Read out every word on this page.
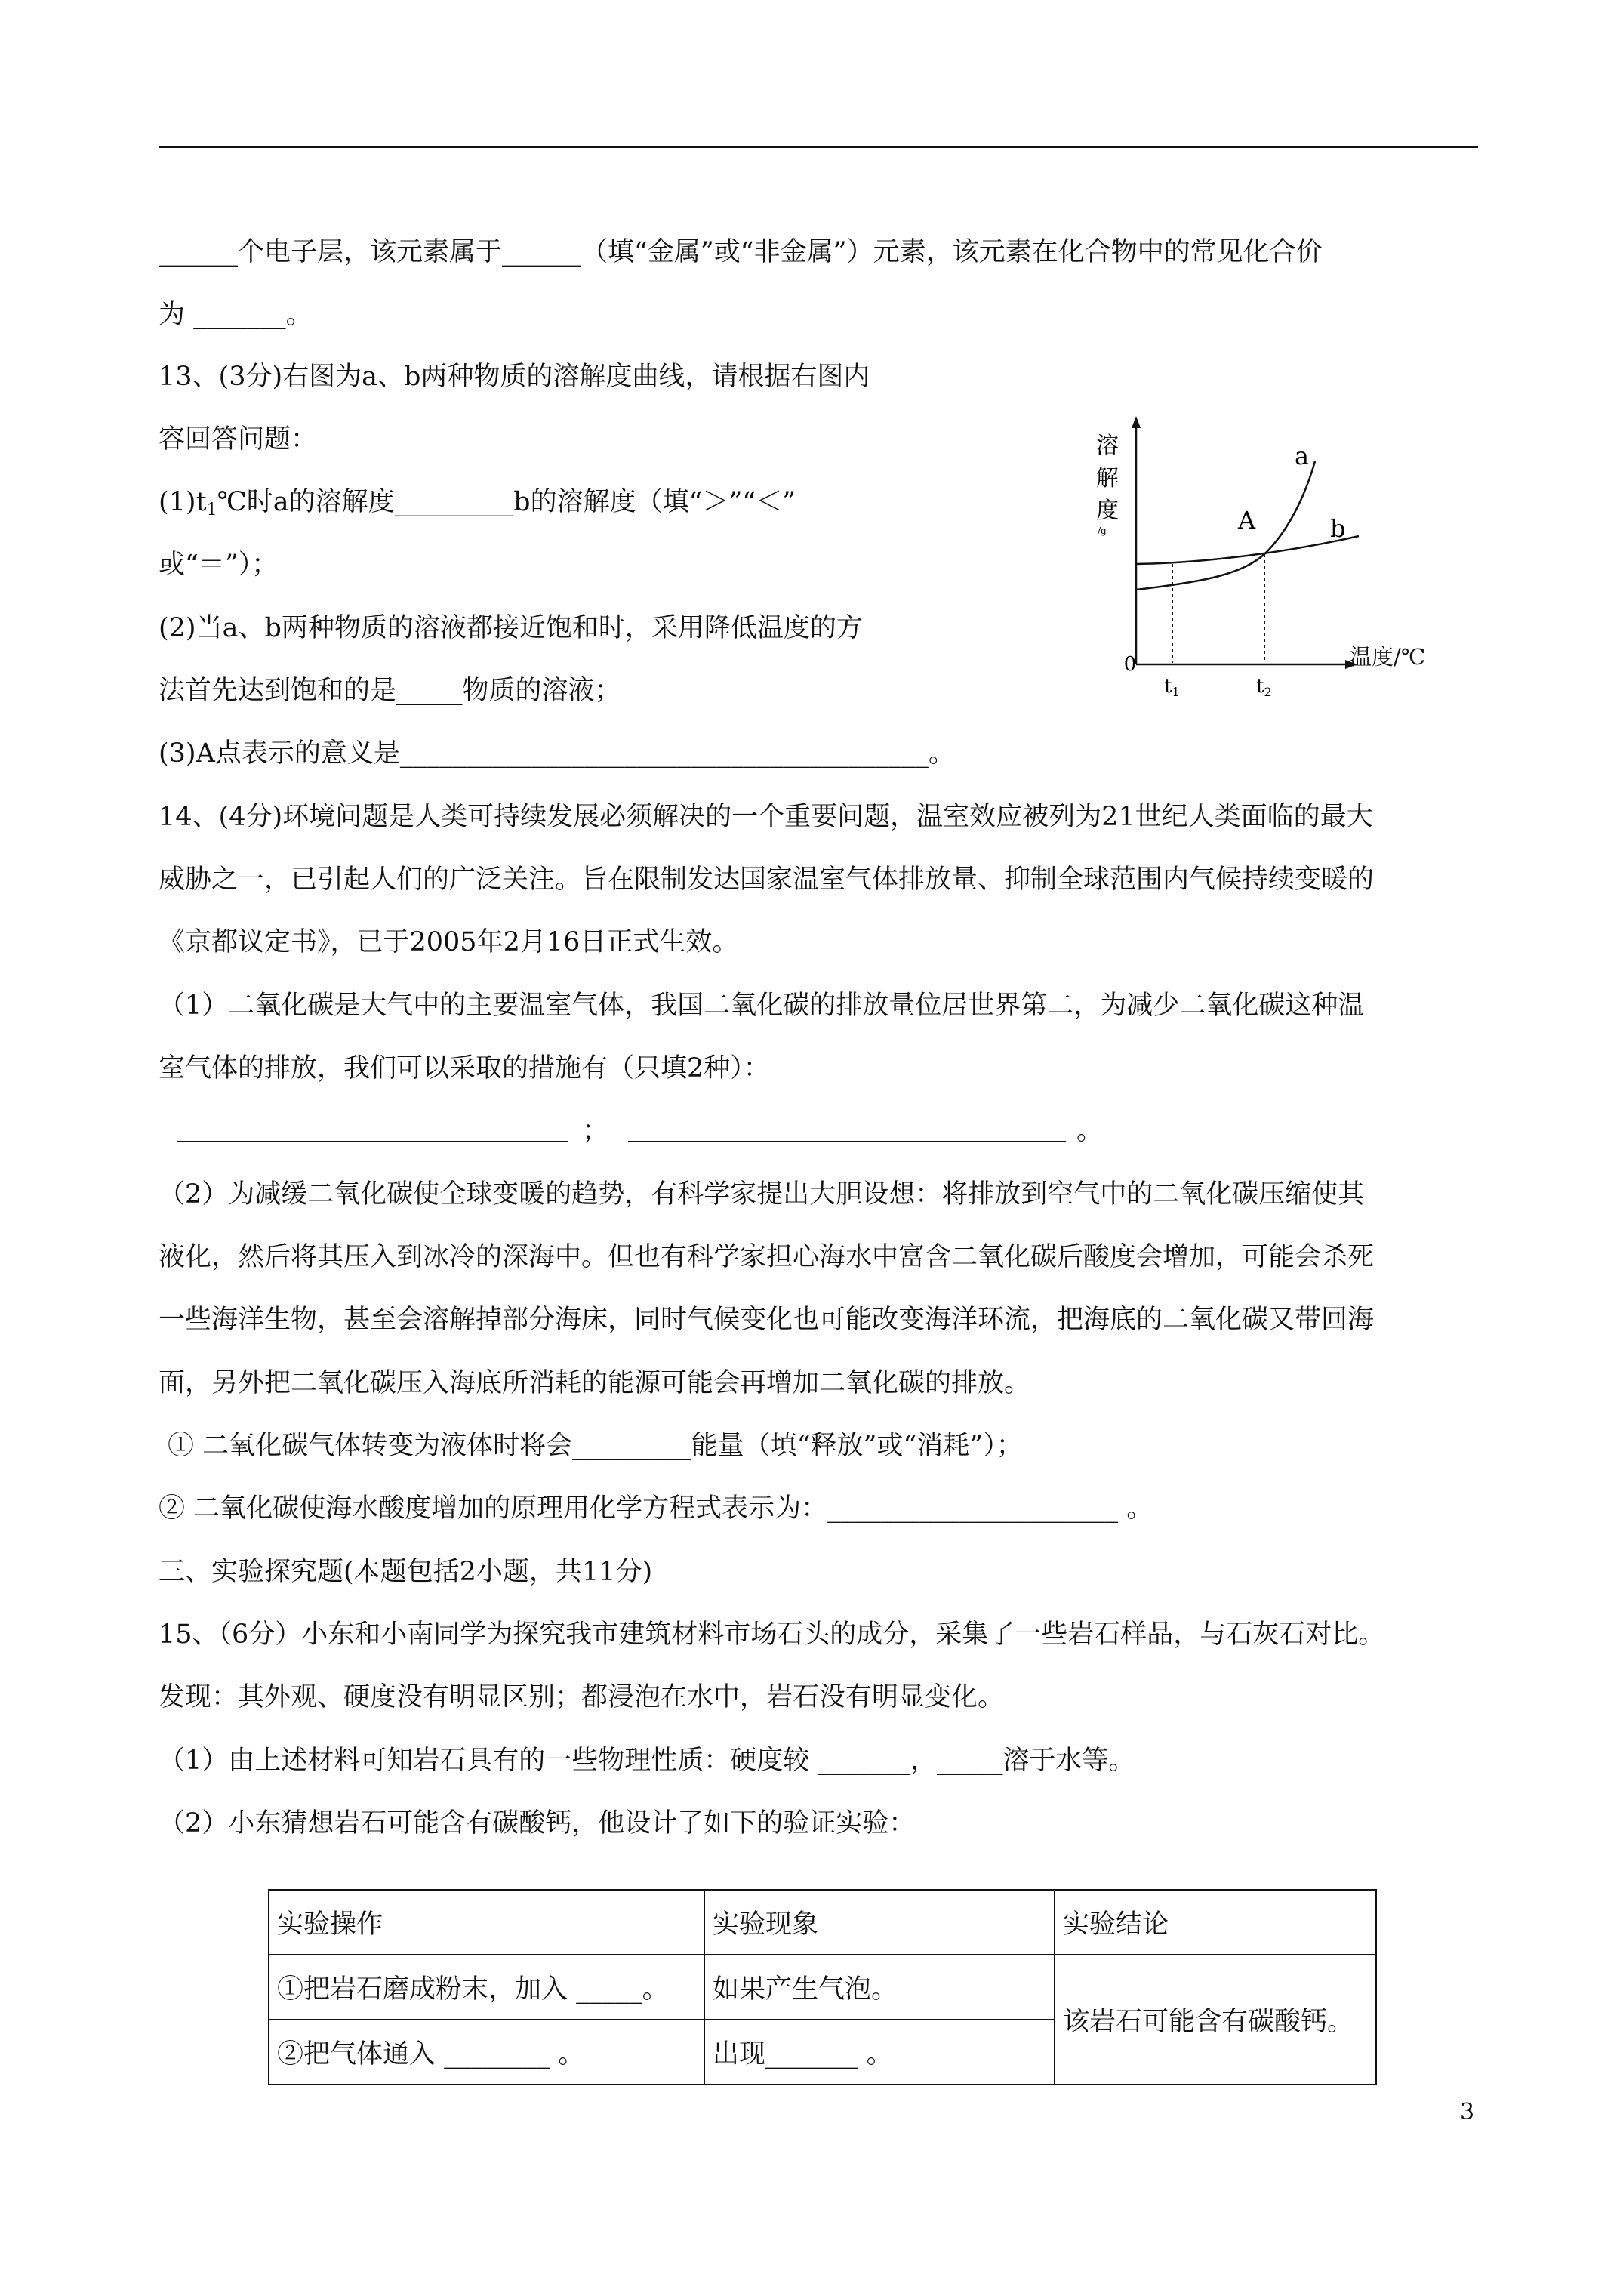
______个电子层，该元素属于______（填“金属”或“非金属”）元素，该元素在化合物中的常见化合价
为 _______。
13、(3分)右图为a、b两种物质的溶解度曲线，请根据右图内
容回答问题：
$(1)t_1℃$时a的溶解度_________b的溶解度（填“＞”“＜”
或“＝”）；
(2)当a、b两种物质的溶液都接近饱和时，采用降低温度的方
法首先达到饱和的是_____物质的溶液；
(3)A点表示的意义是________________________________________。
溶
解
度
/g
a
b
A
0
t1	t2
温度/℃
14、(4分)环境问题是人类可持续发展必须解决的一个重要问题，温室效应被列为21世纪人类面临的最大
威胁之一，已引起人们的广泛关注。旨在限制发达国家温室气体排放量、抑制全球范围内气候持续变暖的
《京都议定书》，已于2005年2月16日正式生效。
（1）二氧化碳是大气中的主要温室气体，我国二氧化碳的排放量位居世界第二，为减少二氧化碳这种温
室气体的排放，我们可以采取的措施有（只填2种）：
；	。
（2）为减缓二氧化碳使全球变暖的趋势，有科学家提出大胆设想：将排放到空气中的二氧化碳压缩使其
液化，然后将其压入到冰冷的深海中。但也有科学家担心海水中富含二氧化碳后酸度会增加，可能会杀死
一些海洋生物，甚至会溶解掉部分海床，同时气候变化也可能改变海洋环流，把海底的二氧化碳又带回海
面，另外把二氧化碳压入海底所消耗的能源可能会再增加二氧化碳的排放。
① 二氧化碳气体转变为液体时将会_________能量（填“释放”或“消耗”）；
② 二氧化碳使海水酸度增加的原理用化学方程式表示为：______________________ 。
三、实验探究题(本题包括2小题，共11分)
15、（6分）小东和小南同学为探究我市建筑材料市场石头的成分，采集了一些岩石样品，与石灰石对比。
发现：其外观、硬度没有明显区别；都浸泡在水中，岩石没有明显变化。
（1）由上述材料可知岩石具有的一些物理性质：硬度较 _______，_____溶于水等。
（2）小东猜想岩石可能含有碳酸钙，他设计了如下的验证实验：
实验操作	实验现象	实验结论
①把岩石磨成粉末，加入 _____。	如果产生气泡。	该岩石可能含有碳酸钙。
②把气体通入 ________ 。	出现_______ 。	
3
